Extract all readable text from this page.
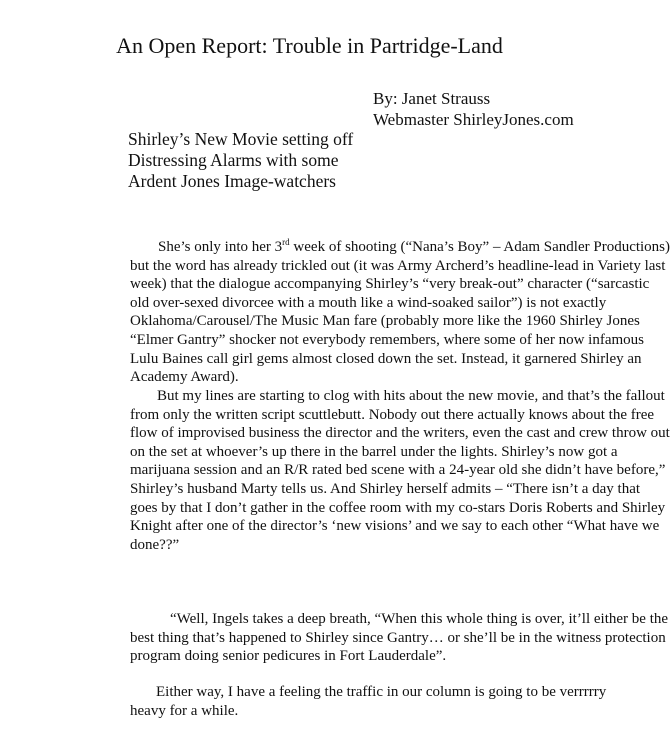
An Open Report: Trouble in Partridge-Land
By: Janet Strauss
Webmaster ShirleyJones.com
Shirley’s New Movie setting off
Distressing Alarms with some
Ardent Jones Image-watchers
She’s only into her 3rd week of shooting (“Nana’s Boy” – Adam Sandler Productions)
but the word has already trickled out (it was Army Archerd’s headline-lead in Variety last
week) that the dialogue accompanying Shirley’s “very break-out” character (“sarcastic
old over-sexed divorcee with a mouth like a wind-soaked sailor”) is not exactly
Oklahoma/Carousel/The Music Man fare (probably more like the 1960 Shirley Jones
“Elmer Gantry” shocker not everybody remembers, where some of her now infamous
Lulu Baines call girl gems almost closed down the set. Instead, it garnered Shirley an
Academy Award).
But my lines are starting to clog with hits about the new movie, and that’s the fallout
from only the written script scuttlebutt. Nobody out there actually knows about the free
flow of improvised business the director and the writers, even the cast and crew throw out
on the set at whoever’s up there in the barrel under the lights. Shirley’s now got a
marijuana session and an R/R rated bed scene with a 24-year old she didn’t have before,”
Shirley’s husband Marty tells us. And Shirley herself admits – “There isn’t a day that
goes by that I don’t gather in the coffee room with my co-stars Doris Roberts and Shirley
Knight after one of the director’s ‘new visions’ and we say to each other “What have we
done??”
“Well, Ingels takes a deep breath, “When this whole thing is over, it’ll either be the
best thing that’s happened to Shirley since Gantry… or she’ll be in the witness protection
program doing senior pedicures in Fort Lauderdale”.
Either way, I have a feeling the traffic in our column is going to be verrrrry
heavy for a while.
